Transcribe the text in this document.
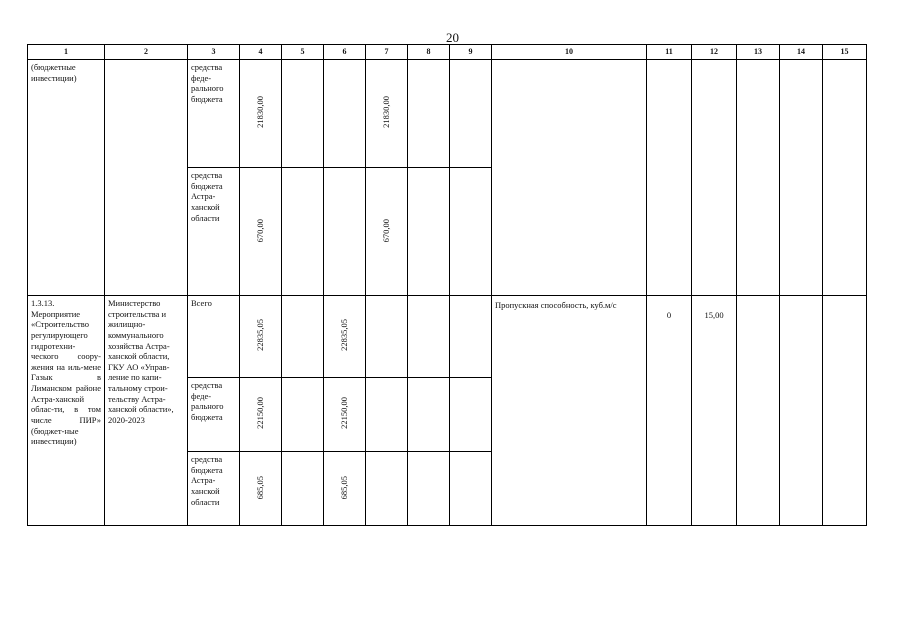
20
1	2	3	4	5	6	7	8	9	10	11	12	13	14	15
(бюджетные инвестиции)		средства феде-рального бюджета	21830,00			21830,00								
		средства бюджета Астра-ханской области	670,00			670,00								
1.3.13. Мероприятие «Строительство регулирующего гидротехни-ческого соору-жения на иль-мене Газык в Лиманском районе Астра-ханской облас-ти, в том числе ПИР» (бюджет-ные инвестиции)	Министерство строительства и жилищно-коммунального хозяйства Астра-ханской области, ГКУ АО «Управ-ление по капи-тальному строи-тельству Астра-ханской области», 2020-2023	Всего	22835,05		22835,05				Пропускная способность, куб.м/с	0	15,00			
		средства феде-рального бюджета	22150,00		22150,00									
		средства бюджета Астра-ханской области	685,05		685,05									
